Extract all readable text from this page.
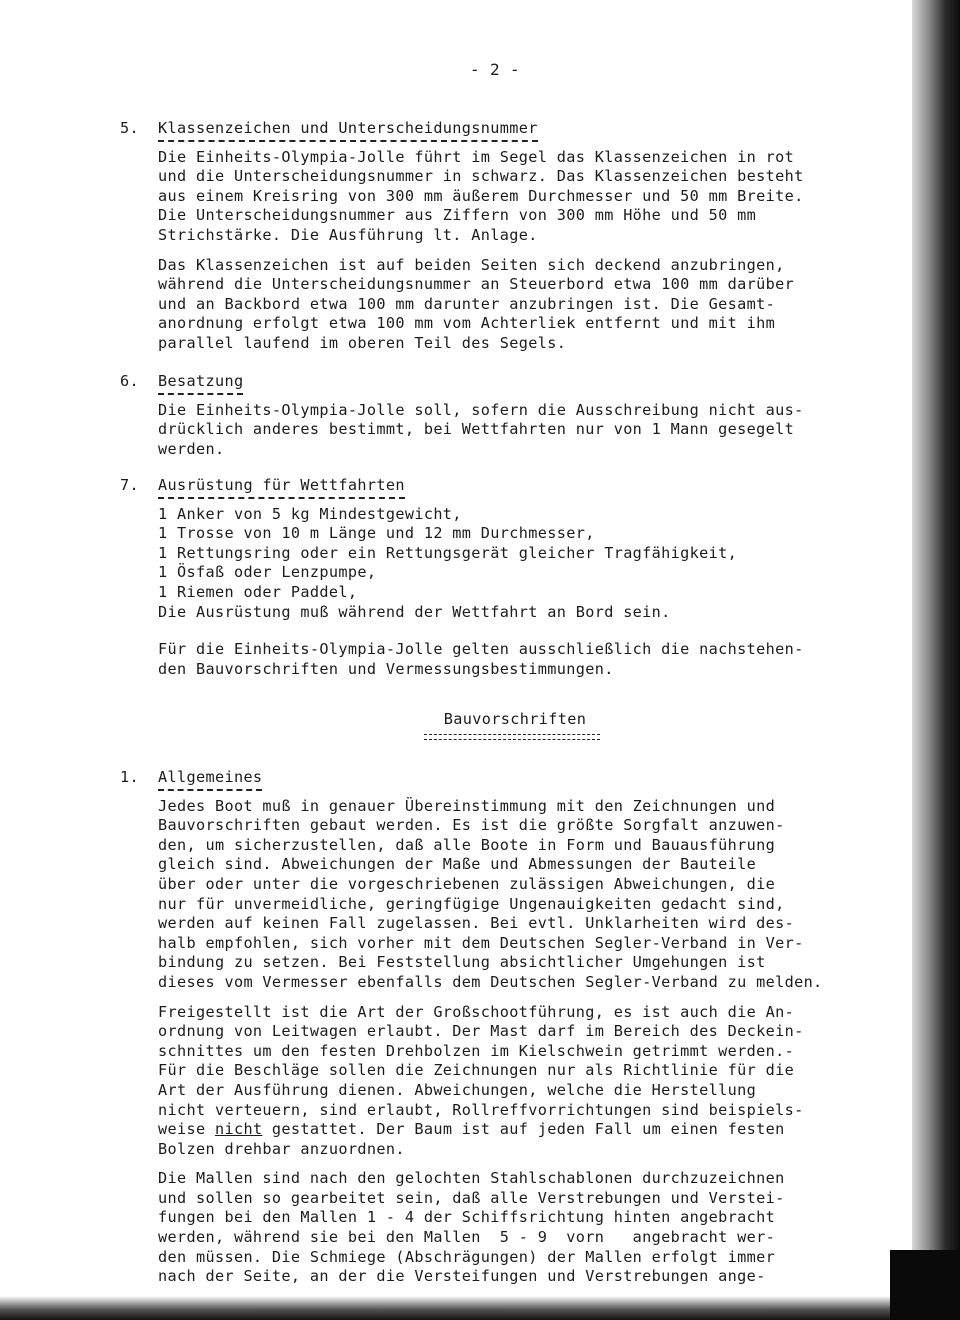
- 2 -
5.	Klassenzeichen und Unterscheidungsnummer
Die Einheits-Olympia-Jolle führt im Segel das Klassenzeichen in rot
und die Unterscheidungsnummer in schwarz. Das Klassenzeichen besteht
aus einem Kreisring von 300 mm äußerem Durchmesser und 50 mm Breite.
Die Unterscheidungsnummer aus Ziffern von 300 mm Höhe und 50 mm
Strichstärke. Die Ausführung lt. Anlage.
Das Klassenzeichen ist auf beiden Seiten sich deckend anzubringen,
während die Unterscheidungsnummer an Steuerbord etwa 100 mm darüber
und an Backbord etwa 100 mm darunter anzubringen ist. Die Gesamt-
anordnung erfolgt etwa 100 mm vom Achterliek entfernt und mit ihm
parallel laufend im oberen Teil des Segels.
6.	Besatzung
Die Einheits-Olympia-Jolle soll, sofern die Ausschreibung nicht aus-
drücklich anderes bestimmt, bei Wettfahrten nur von 1 Mann gesegelt
werden.
7.	Ausrüstung für Wettfahrten
1 Anker von 5 kg Mindestgewicht,
1 Trosse von 10 m Länge und 12 mm Durchmesser,
1 Rettungsring oder ein Rettungsgerät gleicher Tragfähigkeit,
1 Ösfaß oder Lenzpumpe,
1 Riemen oder Paddel,
Die Ausrüstung muß während der Wettfahrt an Bord sein.
Für die Einheits-Olympia-Jolle gelten ausschließlich die nachstehen-
den Bauvorschriften und Vermessungsbestimmungen.
Bauvorschriften
1.	Allgemeines
Jedes Boot muß in genauer Übereinstimmung mit den Zeichnungen und
Bauvorschriften gebaut werden. Es ist die größte Sorgfalt anzuwen-
den, um sicherzustellen, daß alle Boote in Form und Bauausführung
gleich sind. Abweichungen der Maße und Abmessungen der Bauteile
über oder unter die vorgeschriebenen zulässigen Abweichungen, die
nur für unvermeidliche, geringfügige Ungenauigkeiten gedacht sind,
werden auf keinen Fall zugelassen. Bei evtl. Unklarheiten wird des-
halb empfohlen, sich vorher mit dem Deutschen Segler-Verband in Ver-
bindung zu setzen. Bei Feststellung absichtlicher Umgehungen ist
dieses vom Vermesser ebenfalls dem Deutschen Segler-Verband zu melden.
Freigestellt ist die Art der Großschootführung, es ist auch die An-
ordnung von Leitwagen erlaubt. Der Mast darf im Bereich des Deckein-
schnittes um den festen Drehbolzen im Kielschwein getrimmt werden.-
Für die Beschläge sollen die Zeichnungen nur als Richtlinie für die
Art der Ausführung dienen. Abweichungen, welche die Herstellung
nicht verteuern, sind erlaubt, Rollreffvorrichtungen sind beispiels-
weise nicht gestattet. Der Baum ist auf jeden Fall um einen festen
Bolzen drehbar anzuordnen.
Die Mallen sind nach den gelochten Stahlschablonen durchzuzeichnen
und sollen so gearbeitet sein, daß alle Verstrebungen und Verstei-
fungen bei den Mallen 1 - 4 der Schiffsrichtung hinten angebracht
werden, während sie bei den Mallen  5 - 9  vorn   angebracht wer-
den müssen. Die Schmiege (Abschrägungen) der Mallen erfolgt immer
nach der Seite, an der die Versteifungen und Verstrebungen ange-
